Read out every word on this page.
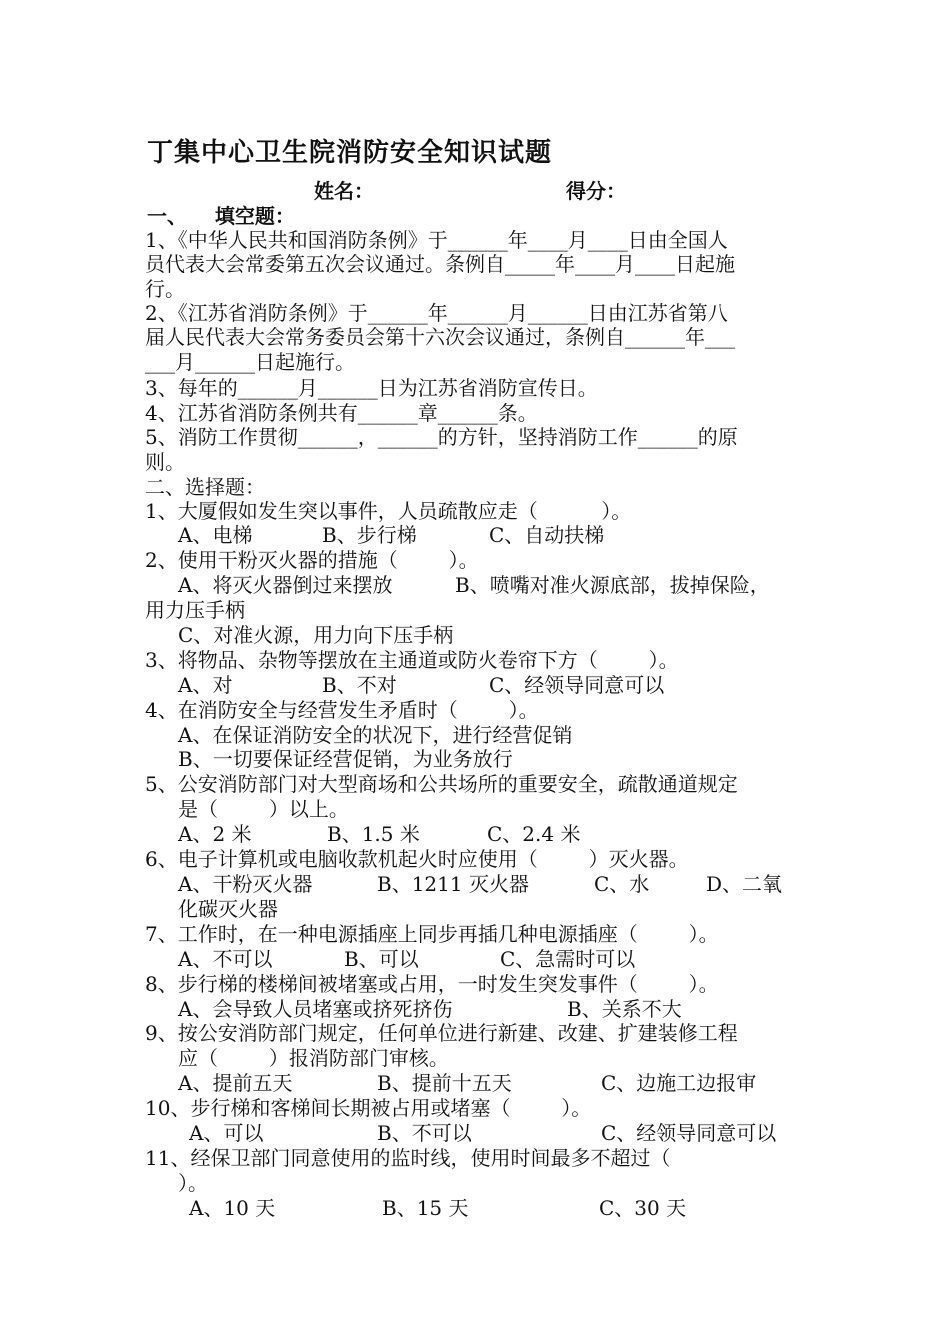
丁集中心卫生院消防安全知识试题
姓名：	得分：
一、    填空题：
1、《中华人民共和国消防条例》于______年____月____日由全国人
员代表大会常委第五次会议通过。条例自_____年____月____日起施
行。
2、《江苏省消防条例》于______年______月______日由江苏省第八
届人民代表大会常务委员会第十六次会议通过，条例自______年___
___月______日起施行。
3、每年的______月______日为江苏省消防宣传日。
4、江苏省消防条例共有______章______条。
5、消防工作贯彻______，______的方针，坚持消防工作______的原
则。
二、选择题：
1、大厦假如发生突以事件，人员疏散应走（          ）。
A、电梯	B、步行梯	C、自动扶梯
2、使用干粉灭火器的措施（        ）。
A、将灭火器倒过来摆放	B、喷嘴对准火源底部，拔掉保险，
用力压手柄
C、对准火源，用力向下压手柄
3、将物品、杂物等摆放在主通道或防火卷帘下方（        ）。
A、对	B、不对	C、经领导同意可以
4、在消防安全与经营发生矛盾时（        ）。
A、在保证消防安全的状况下，进行经营促销
B、一切要保证经营促销，为业务放行
5、公安消防部门对大型商场和公共场所的重要安全，疏散通道规定
是（        ）以上。
A、2 米	B、1.5 米	C、2.4 米
6、电子计算机或电脑收款机起火时应使用（        ）灭火器。
A、干粉灭火器	B、1211 灭火器	C、水	D、二氧
化碳灭火器
7、工作时，在一种电源插座上同步再插几种电源插座（        ）。
A、不可以	B、可以	C、急需时可以
8、步行梯的楼梯间被堵塞或占用，一时发生突发事件（        ）。
A、会导致人员堵塞或挤死挤伤	B、关系不大
9、按公安消防部门规定，任何单位进行新建、改建、扩建装修工程
应（        ）报消防部门审核。
A、提前五天	B、提前十五天	C、边施工边报审
10、步行梯和客梯间长期被占用或堵塞（        ）。
A、可以	B、不可以	C、经领导同意可以
11、经保卫部门同意使用的监时线，使用时间最多不超过（
）。
A、10 天	B、15 天	C、30 天
